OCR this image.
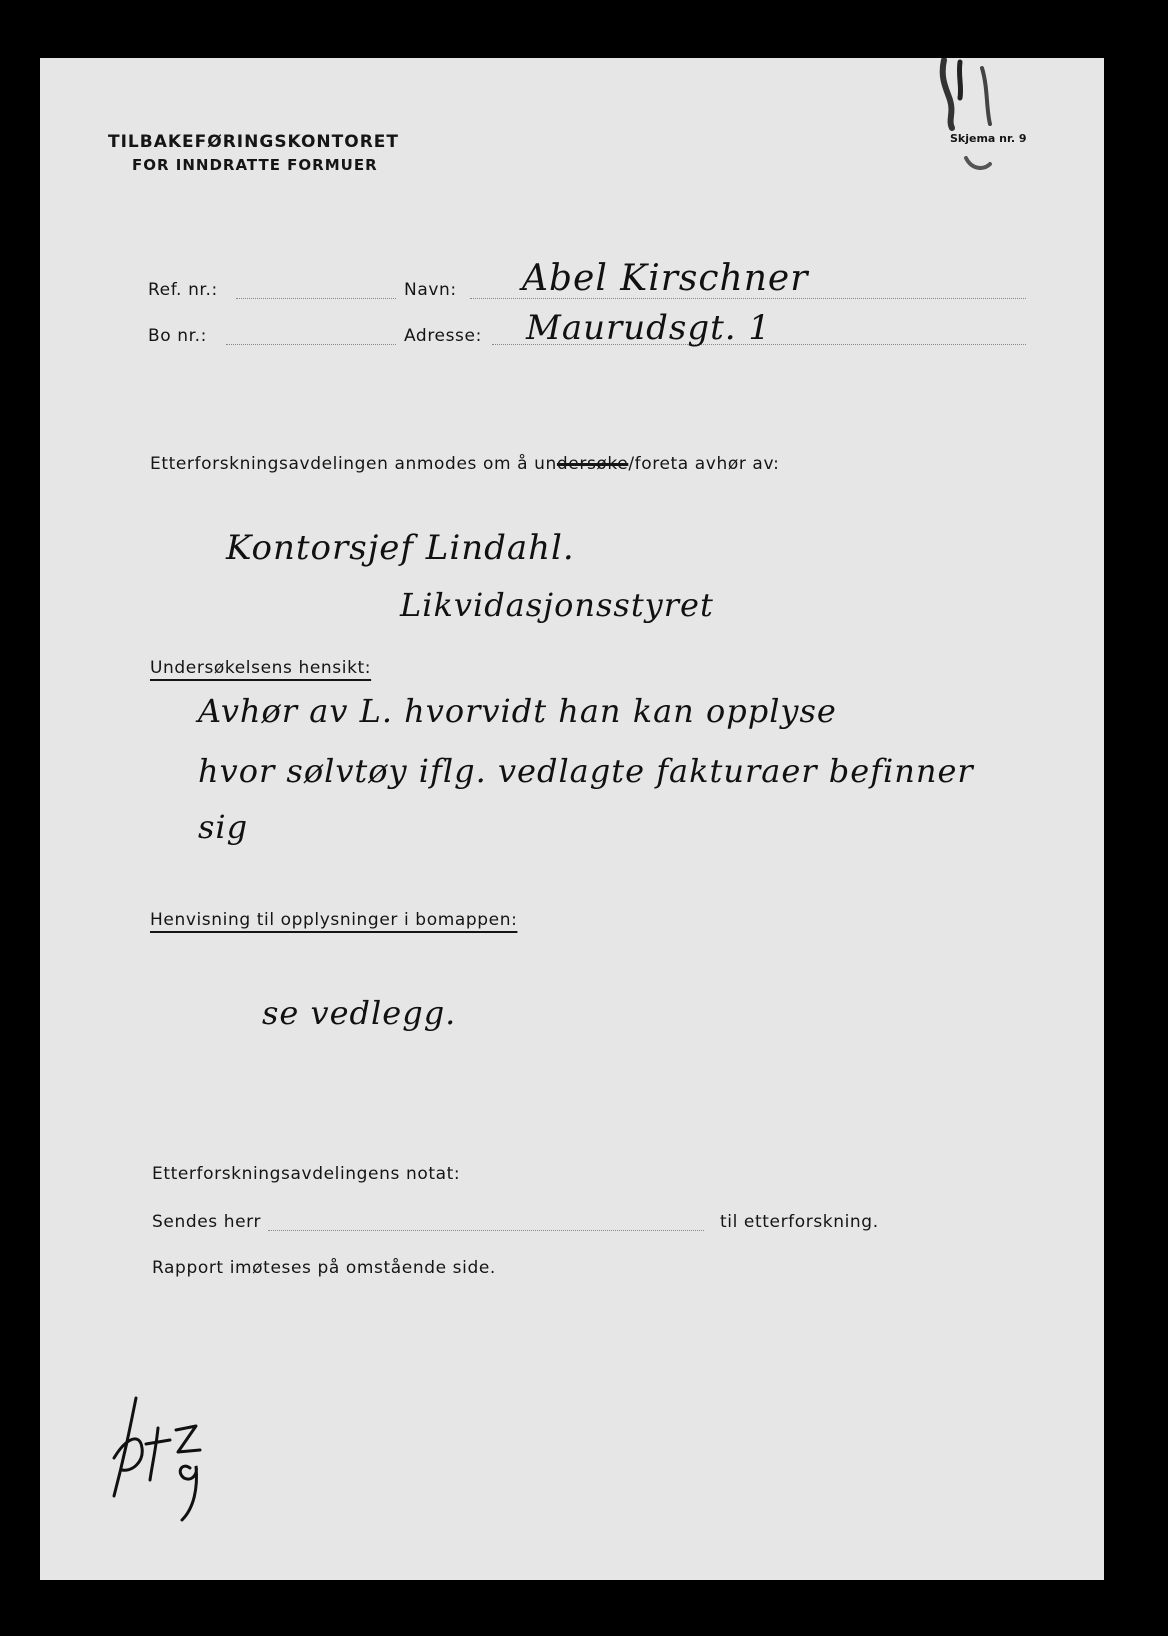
TILBAKEFØRINGSKONTORET
FOR INNDRATTE FORMUER
Skjema nr. 9
Ref. nr.:	Navn: Abel Kirschner
Bo nr.:	Adresse: Maurudsgt. 1
Etterforskningsavdelingen anmodes om å undersøke/foreta avhør av:
Kontorsjef Lindahl.
Likvidasjonsstyret
Undersøkelsens hensikt:
Avhør av L. hvorvidt han kan opplyse
hvor sølvtøy iflg. vedlagte fakturaer befinner
sig
Henvisning til opplysninger i bomappen:
se vedlegg.
Etterforskningsavdelingens notat:
Sendes herr	til etterforskning.
Rapport imøteses på omstående side.
